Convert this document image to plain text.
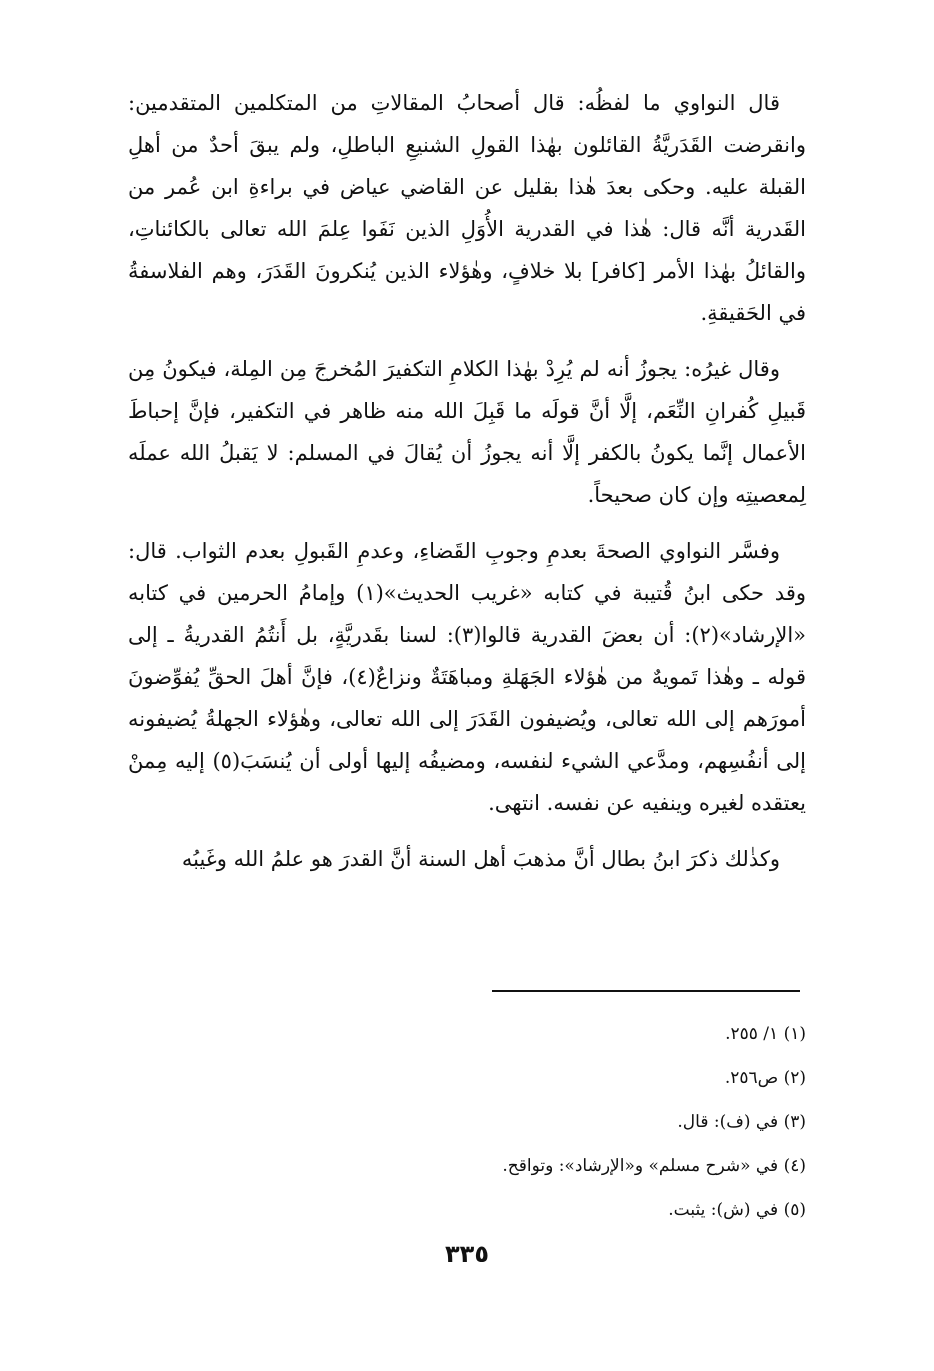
قال النواوي ما لفظُه: قال أصحابُ المقالاتِ من المتكلمين المتقدمين: وانقرضت القَدَريَّةُ القائلون بهٰذا القولِ الشنيعِ الباطلِ، ولم يبقَ أحدٌ من أهلِ القبلة عليه. وحكى بعدَ هٰذا بقليل عن القاضي عياض في براءةِ ابن عُمر من القَدرية أنَّه قال: هٰذا في القدرية الأُوَلِ الذين نَفَوا عِلمَ الله تعالى بالكائناتِ، والقائلُ بهٰذا الأمر [كافر] بلا خلافٍ، وهٰؤلاء الذين يُنكرونَ القَدَرَ، وهم الفلاسفةُ في الحَقيقةِ.

وقال غيرُه: يجوزُ أنه لم يُرِدْ بهٰذا الكلامِ التكفيرَ المُخرجَ مِن المِلة، فيكونُ مِن قَبيلِ كُفرانِ النِّعَم، إلَّا أنَّ قولَه ما قَبِلَ الله منه ظاهر في التكفير، فإنَّ إحباطَ الأعمال إنَّما يكونُ بالكفر إلَّا أنه يجوزُ أن يُقالَ في المسلم: لا يَقبلُ الله عملَه لِمعصيتِه وإن كان صحيحاً.

وفسَّر النواوي الصحةَ بعدمِ وجوبِ القَضاءِ، وعدمِ القَبولِ بعدم الثواب. قال: وقد حكى ابنُ قُتيبة في كتابه «غريب الحديث»(١) وإمامُ الحرمين في كتابه «الإرشاد»(٢): أن بعضَ القدرية قالوا(٣): لسنا بقَدريَّةٍ، بل أَنتُمُ القدريةُ ـ إلى قوله ـ وهٰذا تَمويهٌ من هٰؤلاء الجَهَلةِ ومباهَتَةٌ ونزاعٌ(٤)، فإنَّ أهلَ الحقِّ يُفوِّضونَ أمورَهم إلى الله تعالى، ويُضيفون القَدَرَ إلى الله تعالى، وهٰؤلاء الجهلةُ يُضيفونه إلى أنفُسِهم، ومدَّعي الشيء لنفسه، ومضيفُه إليها أولى أن يُنسَبَ(٥) إليه مِمنْ يعتقده لغيره وينفيه عن نفسه. انتهى.

وكذٰلك ذكرَ ابنُ بطال أنَّ مذهبَ أهل السنة أنَّ القدرَ هو علمُ الله وغَيبُه

(١) ١/ ٢٥٥.

(٢) ص٢٥٦.

(٣) في (ف): قال.

(٤) في «شرح مسلم» و«الإرشاد»: وتواقح.

(٥) في (ش): يثبت.

٣٣٥
